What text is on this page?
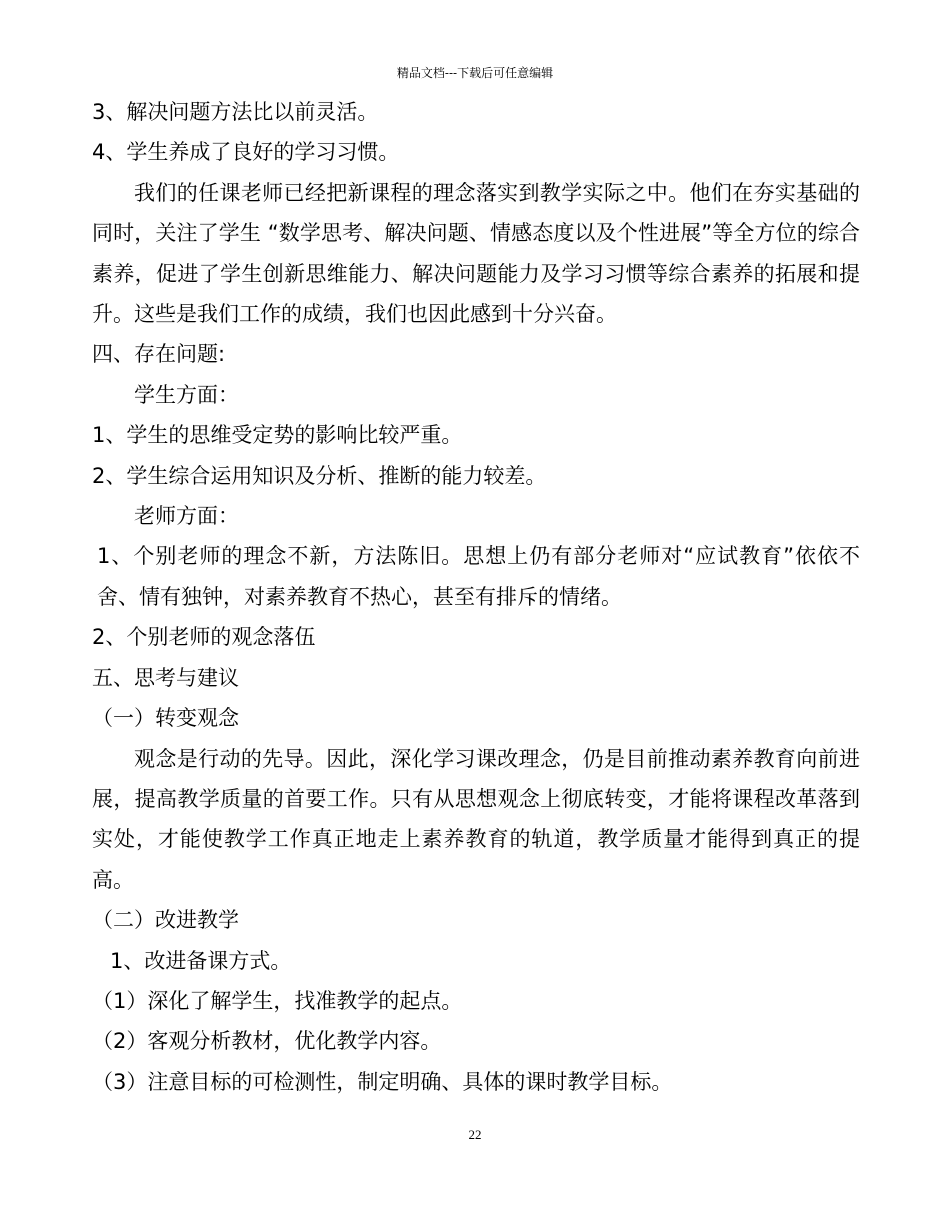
精品文档---下载后可任意编辑

3、解决问题方法比以前灵活。

4、学生养成了良好的学习习惯。

我们的任课老师已经把新课程的理念落实到教学实际之中。他们在夯实基础的同时，关注了学生 “数学思考、解决问题、情感态度以及个性进展”等全方位的综合素养，促进了学生创新思维能力、解决问题能力及学习习惯等综合素养的拓展和提升。这些是我们工作的成绩，我们也因此感到十分兴奋。

四、存在问题:

学生方面：

1、学生的思维受定势的影响比较严重。

2、学生综合运用知识及分析、推断的能力较差。

老师方面：

1、个别老师的理念不新，方法陈旧。思想上仍有部分老师对“应试教育”依依不舍、情有独钟，对素养教育不热心，甚至有排斥的情绪。

2、个别老师的观念落伍

五、思考与建议

（一）转变观念

观念是行动的先导。因此，深化学习课改理念，仍是目前推动素养教育向前进展，提高教学质量的首要工作。只有从思想观念上彻底转变，才能将课程改革落到实处，才能使教学工作真正地走上素养教育的轨道，教学质量才能得到真正的提高。

（二）改进教学

1、改进备课方式。

（1）深化了解学生，找准教学的起点。

（2）客观分析教材，优化教学内容。

（3）注意目标的可检测性，制定明确、具体的课时教学目标。

22
